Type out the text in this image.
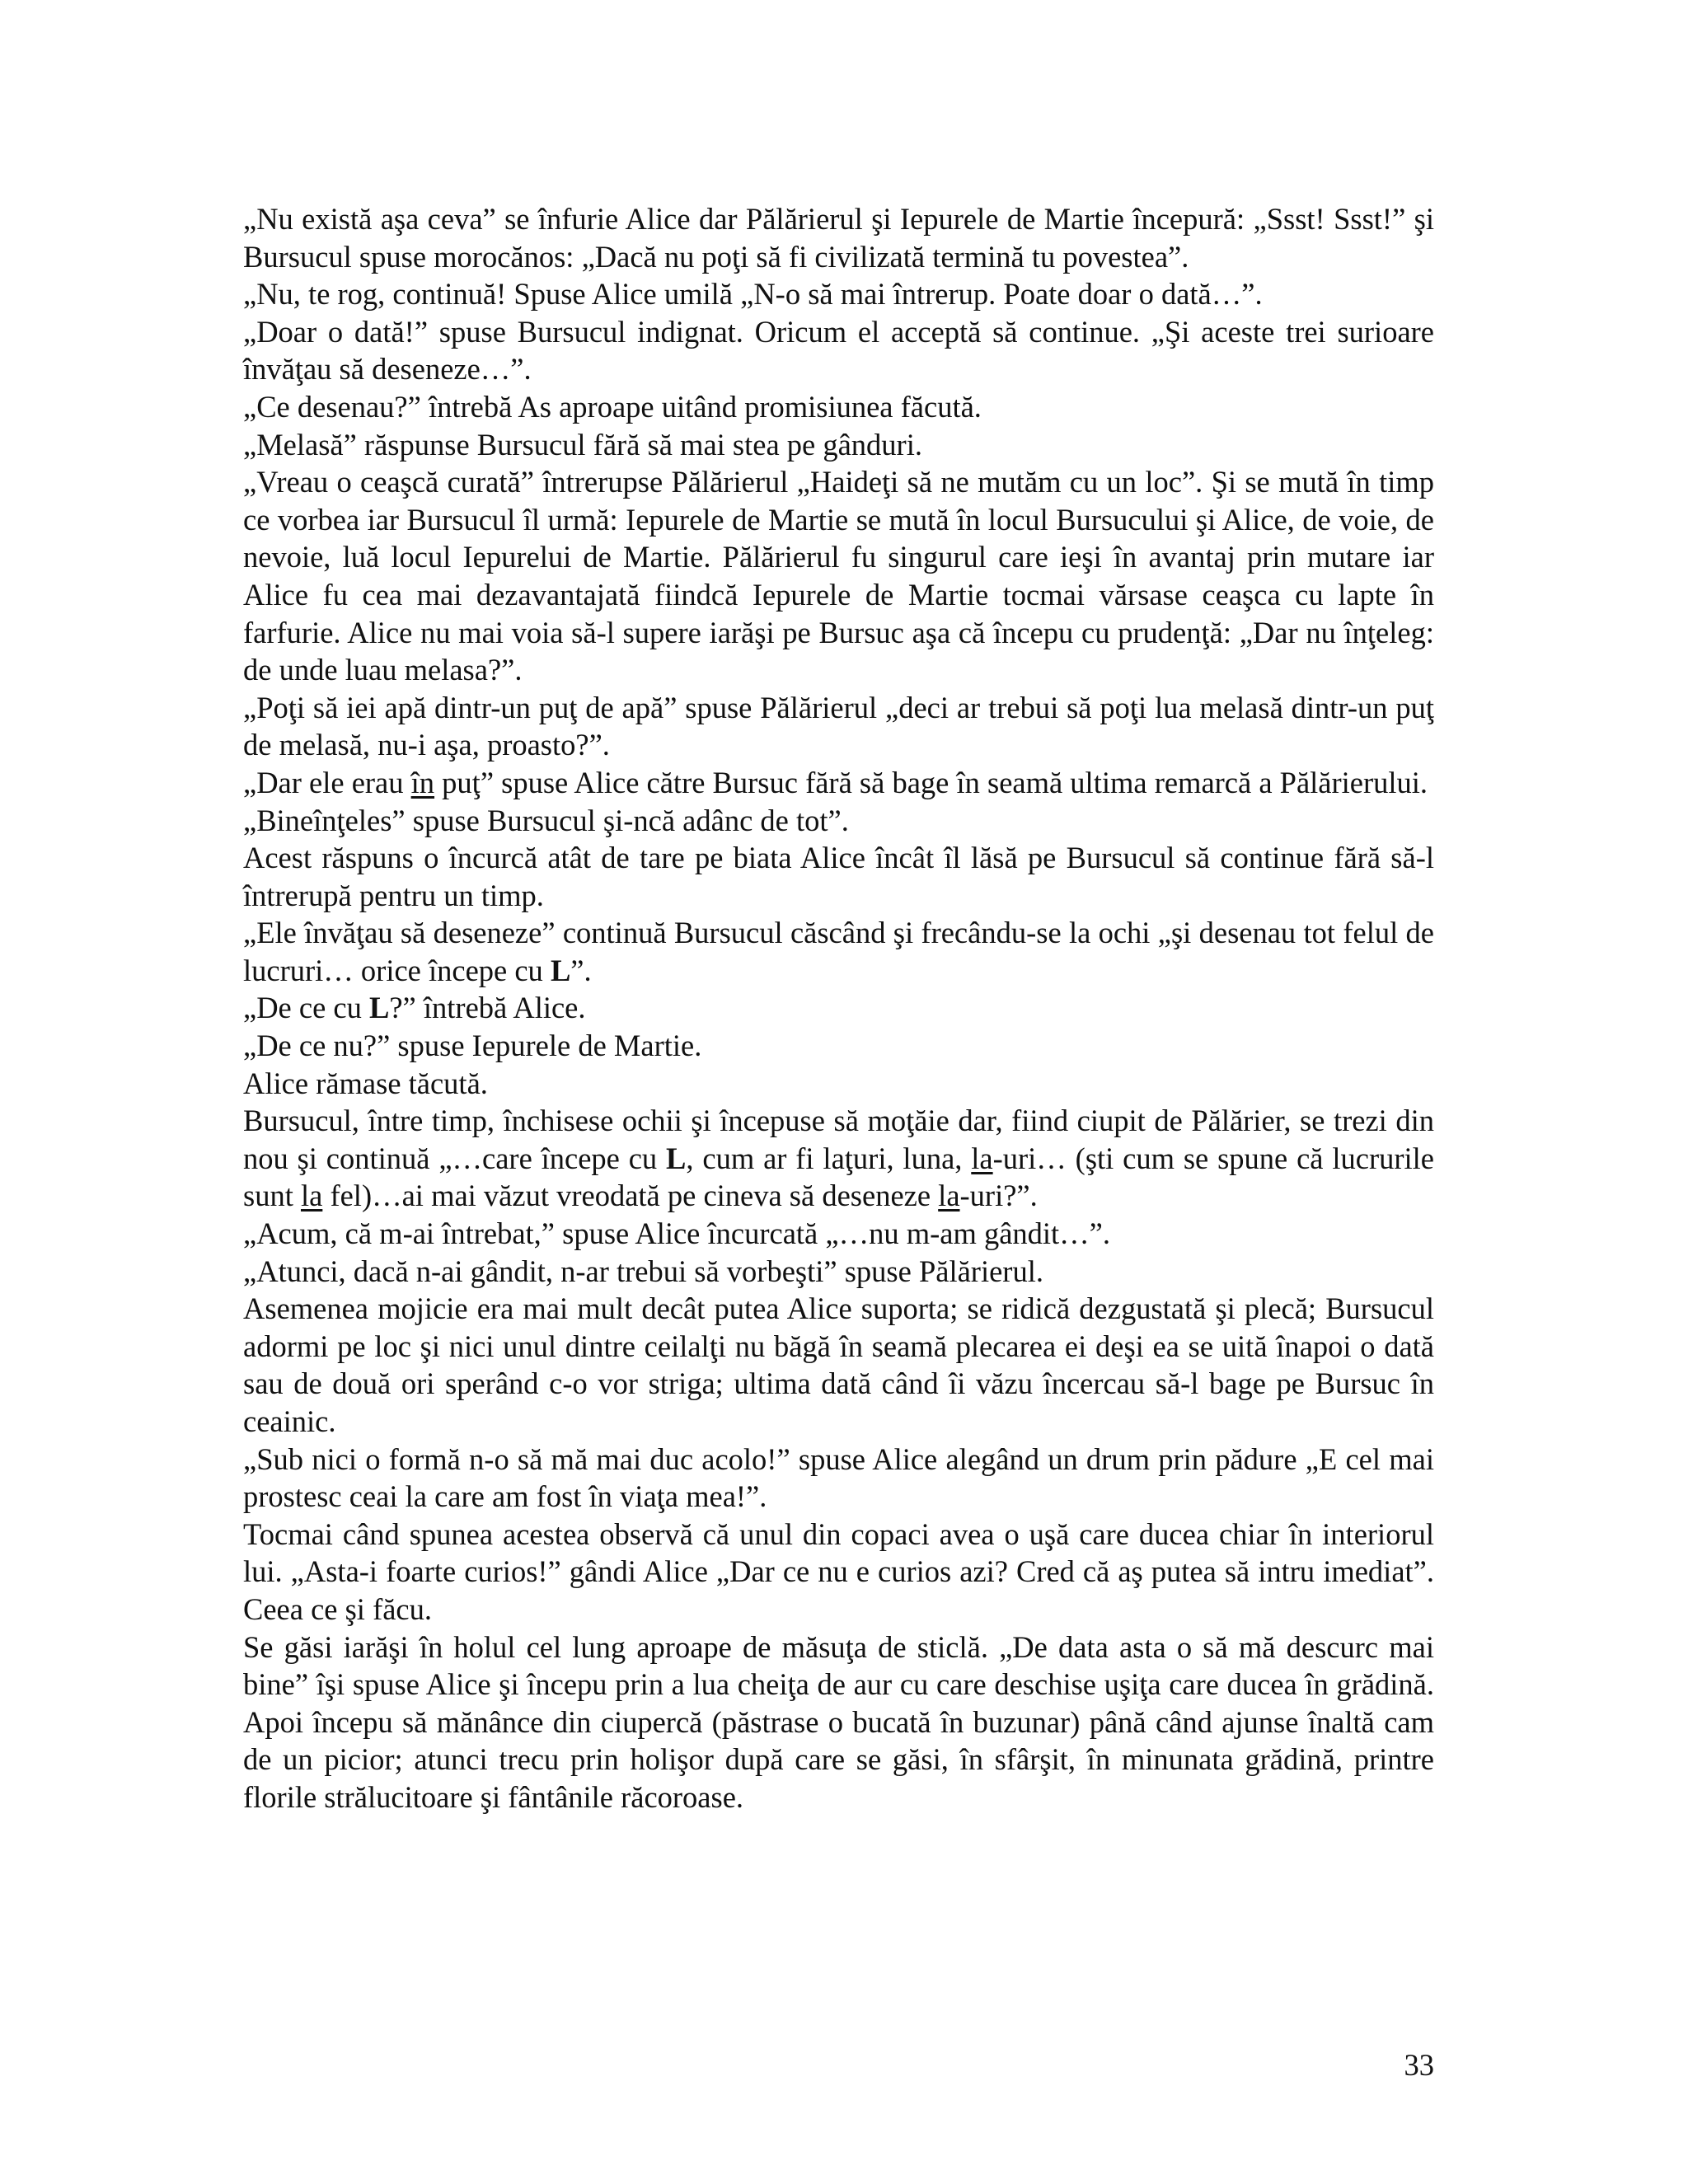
„Nu există aşa ceva” se înfurie Alice dar Pălărierul şi Iepurele de Martie începură: „Ssst! Ssst!” şi Bursucul spuse morocănos: „Dacă nu poţi să fi civilizată termină tu povestea”.

„Nu, te rog, continuă! Spuse Alice umilă „N-o să mai întrerup. Poate doar o dată…”.

„Doar o dată!” spuse Bursucul indignat. Oricum el acceptă să continue. „Şi aceste trei surioare învăţau să deseneze…”.

„Ce desenau?” întrebă As aproape uitând promisiunea făcută.

„Melasă” răspunse Bursucul fără să mai stea pe gânduri.

„Vreau o ceaşcă curată” întrerupse Pălărierul „Haideţi să ne mutăm cu un loc”. Şi se mută în timp ce vorbea iar Bursucul îl urmă: Iepurele de Martie se mută în locul Bursucului şi Alice, de voie, de nevoie, luă locul Iepurelui de Martie. Pălărierul fu singurul care ieşi în avantaj prin mutare iar Alice fu cea mai dezavantajată fiindcă Iepurele de Martie tocmai vărsase ceaşca cu lapte în farfurie. Alice nu mai voia să-l supere iarăşi pe Bursuc aşa că începu cu prudenţă: „Dar nu înţeleg: de unde luau melasa?”.

„Poţi să iei apă dintr-un puţ de apă” spuse Pălărierul „deci ar trebui să poţi lua melasă dintr-un puţ de melasă, nu-i aşa, proasto?”.

„Dar ele erau în puţ” spuse Alice către Bursuc fără să bage în seamă ultima remarcă a Pălărierului.

„Bineînţeles” spuse Bursucul şi-ncă adânc de tot”.

Acest răspuns o încurcă atât de tare pe biata Alice încât îl lăsă pe Bursucul să continue fără să-l întrerupă pentru un timp.

„Ele învăţau să deseneze” continuă Bursucul căscând şi frecându-se la ochi „şi desenau tot felul de lucruri… orice începe cu L”.

„De ce cu L?” întrebă Alice.

„De ce nu?” spuse Iepurele de Martie.

Alice rămase tăcută.

Bursucul, între timp, închisese ochii şi începuse să moţăie dar, fiind ciupit de Pălărier, se trezi din nou şi continuă „…care începe cu L, cum ar fi laţuri, luna, la-uri… (şti cum se spune că lucrurile sunt la fel)…ai mai văzut vreodată pe cineva să deseneze la-uri?”.

„Acum, că m-ai întrebat,” spuse Alice încurcată „…nu m-am gândit…”.

„Atunci, dacă n-ai gândit, n-ar trebui să vorbeşti” spuse Pălărierul.

Asemenea mojicie era mai mult decât putea Alice suporta; se ridică dezgustată şi plecă; Bursucul adormi pe loc şi nici unul dintre ceilalţi nu băgă în seamă plecarea ei deşi ea se uită înapoi o dată sau de două ori sperând c-o vor striga; ultima dată când îi văzu încercau să-l bage pe Bursuc în ceainic.

„Sub nici o formă n-o să mă mai duc acolo!” spuse Alice alegând un drum prin pădure „E cel mai prostesc ceai la care am fost în viaţa mea!”.

Tocmai când spunea acestea observă că unul din copaci avea o uşă care ducea chiar în interiorul lui. „Asta-i foarte curios!” gândi Alice „Dar ce nu e curios azi? Cred că aş putea să intru imediat”. Ceea ce şi făcu.

Se găsi iarăşi în holul cel lung aproape de măsuţa de sticlă. „De data asta o să mă descurc mai bine” îşi spuse Alice şi începu prin a lua cheiţa de aur cu care deschise uşiţa care ducea în grădină. Apoi începu să mănânce din ciupercă (păstrase o bucată în buzunar) până când ajunse înaltă cam de un picior; atunci trecu prin holişor după care se găsi, în sfârşit, în minunata grădină, printre florile strălucitoare şi fântânile răcoroase.

33
